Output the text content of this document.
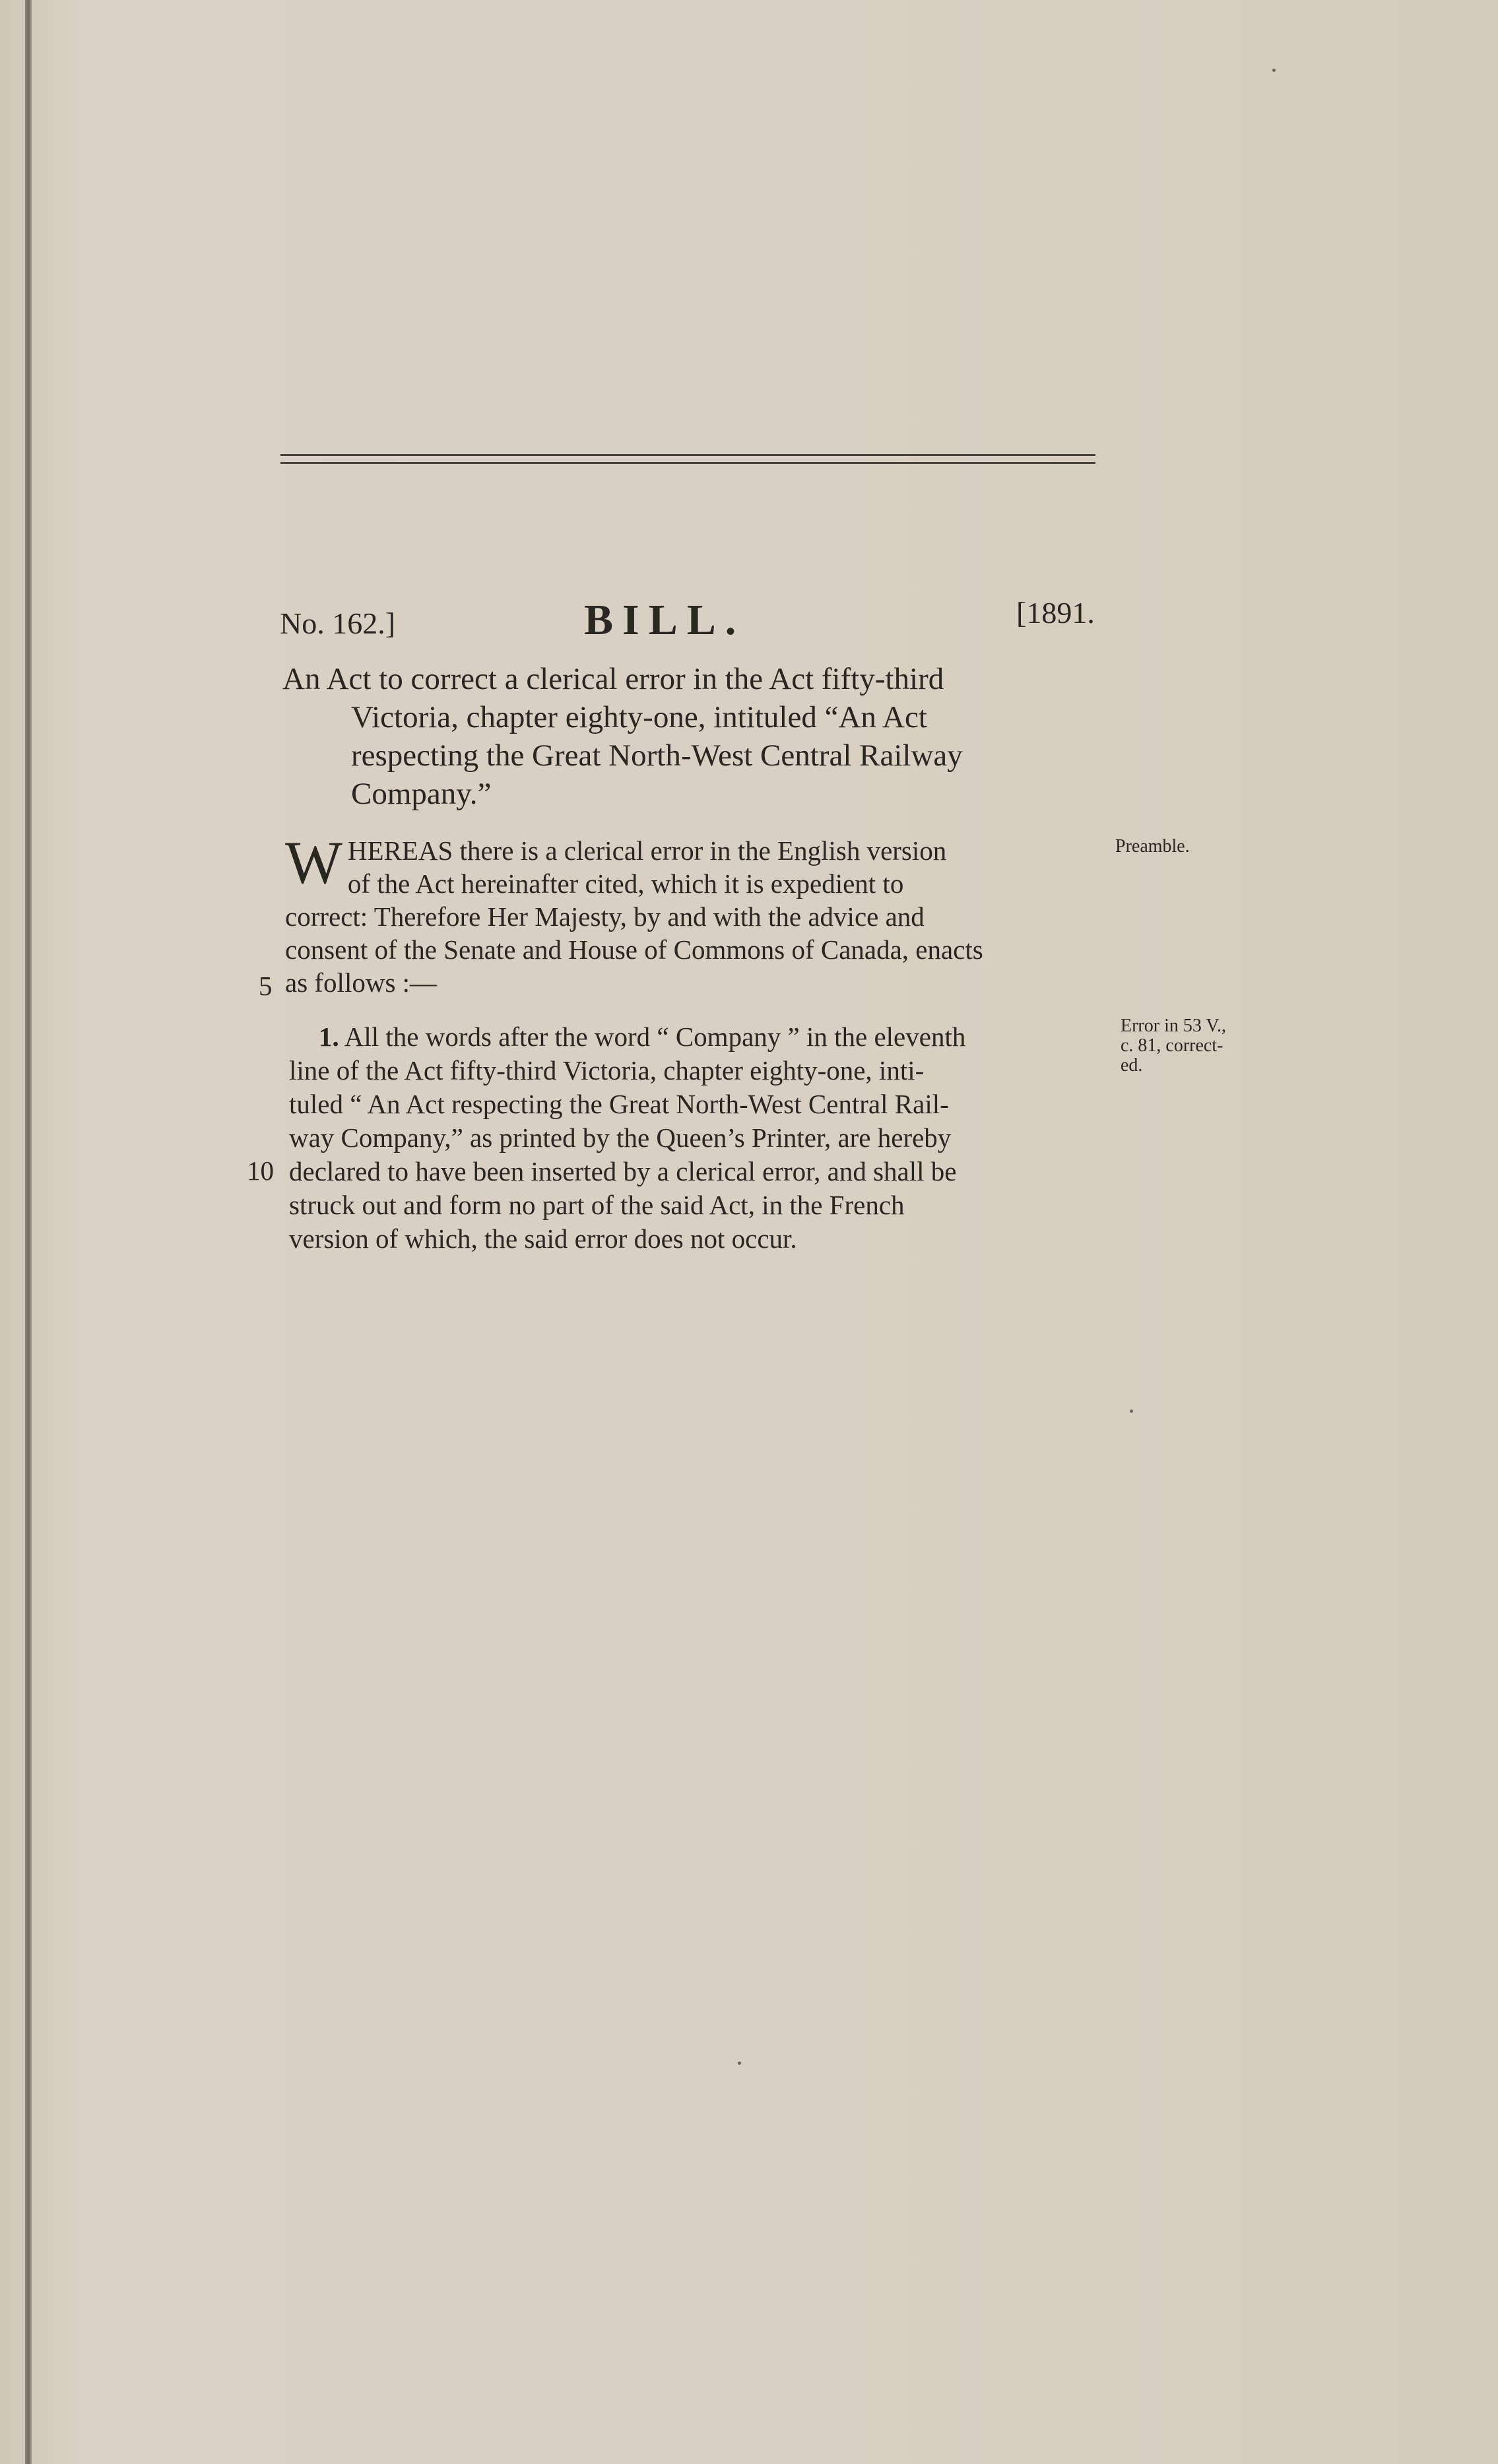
No. 162.]	BILL.	[1891.
An Act to correct a clerical error in the Act fifty-third
Victoria, chapter eighty-one, intituled “An Act
respecting the Great North-West Central Railway
Company.”
W HEREAS there is a clerical error in the English version
of the Act hereinafter cited, which it is expedient to
correct: Therefore Her Majesty, by and with the advice and
consent of the Senate and House of Commons of Canada, enacts
as follows :—
5
Preamble.
1. All the words after the word “ Company ” in the eleventh
line of the Act fifty-third Victoria, chapter eighty-one, inti-
tuled “ An Act respecting the Great North-West Central Rail-
way Company,” as printed by the Queen’s Printer, are hereby
declared to have been inserted by a clerical error, and shall be
struck out and form no part of the said Act, in the French
version of which, the said error does not occur.
10
Error in 53 V.,
c. 81, correct-
ed.
